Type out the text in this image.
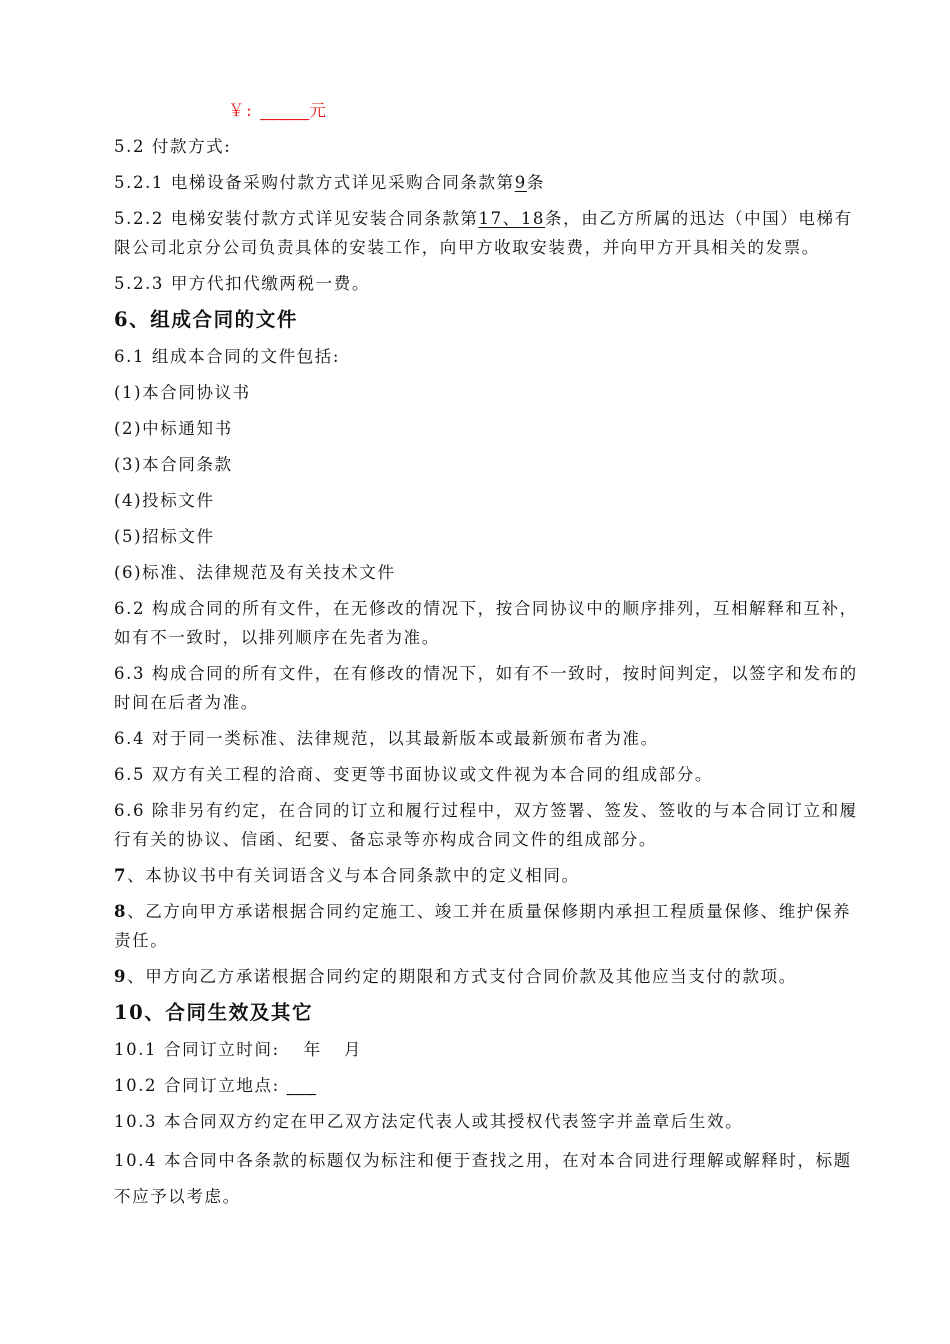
￥: _____元

5.2 付款方式:

5.2.1 电梯设备采购付款方式详见采购合同条款第9条

5.2.2 电梯安装付款方式详见安装合同条款第17、18条，由乙方所属的迅达（中国）电梯有限公司北京分公司负责具体的安装工作，向甲方收取安装费，并向甲方开具相关的发票。

5.2.3 甲方代扣代缴两税一费。

6、组成合同的文件

6.1 组成本合同的文件包括:

(1)本合同协议书

(2)中标通知书

(3)本合同条款

(4)投标文件

(5)招标文件

(6)标准、法律规范及有关技术文件

6.2 构成合同的所有文件，在无修改的情况下，按合同协议中的顺序排列，互相解释和互补，如有不一致时，以排列顺序在先者为准。

6.3 构成合同的所有文件，在有修改的情况下，如有不一致时，按时间判定，以签字和发布的时间在后者为准。

6.4 对于同一类标准、法律规范，以其最新版本或最新颁布者为准。

6.5 双方有关工程的洽商、变更等书面协议或文件视为本合同的组成部分。

6.6 除非另有约定，在合同的订立和履行过程中，双方签署、签发、签收的与本合同订立和履行有关的协议、信函、纪要、备忘录等亦构成合同文件的组成部分。

7、本协议书中有关词语含义与本合同条款中的定义相同。

8、乙方向甲方承诺根据合同约定施工、竣工并在质量保修期内承担工程质量保修、维护保养责任。

9、甲方向乙方承诺根据合同约定的期限和方式支付合同价款及其他应当支付的款项。

10、合同生效及其它

10.1 合同订立时间: 年 月

10.2 合同订立地点: ___

10.3 本合同双方约定在甲乙双方法定代表人或其授权代表签字并盖章后生效。

10.4 本合同中各条款的标题仅为标注和便于查找之用，在对本合同进行理解或解释时，标题不应予以考虑。
